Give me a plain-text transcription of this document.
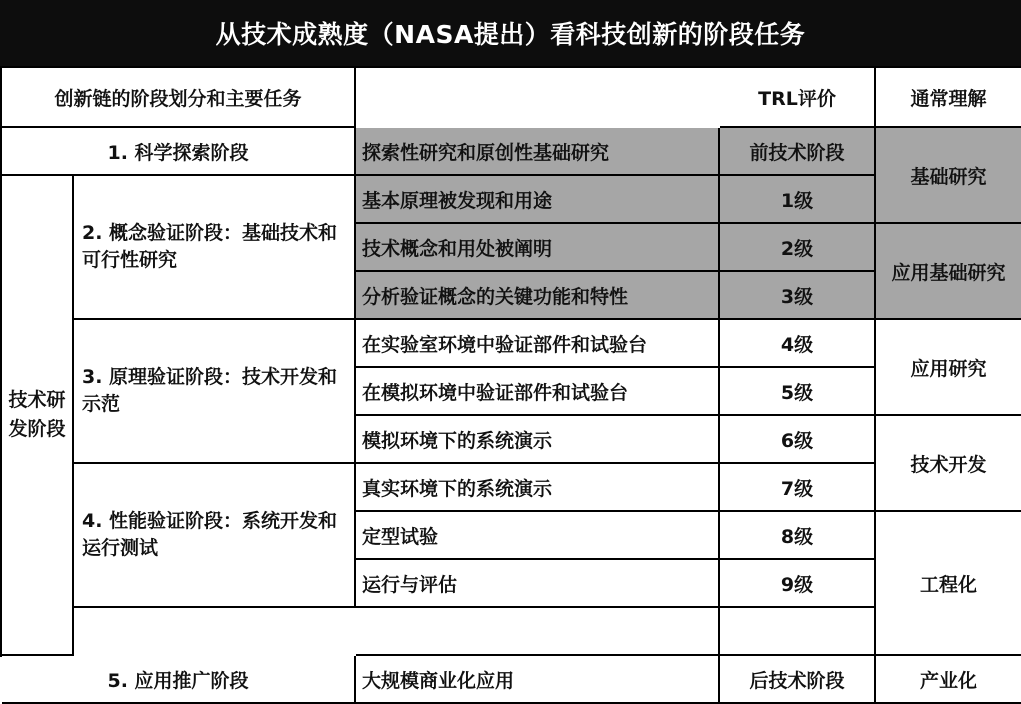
从技术成熟度（NASA提出）看科技创新的阶段任务
创新链的阶段划分和主要任务	TRL评价	通常理解
1. 科学探索阶段
技术研发阶段
2. 概念验证阶段：基础技术和可行性研究
3. 原理验证阶段：技术开发和示范
4. 性能验证阶段：系统开发和运行测试
5. 应用推广阶段
探索性研究和原创性基础研究
基本原理被发现和用途
技术概念和用处被阐明
分析验证概念的关键功能和特性
在实验室环境中验证部件和试验台
在模拟环境中验证部件和试验台
模拟环境下的系统演示
真实环境下的系统演示
定型试验
运行与评估
大规模商业化应用
前技术阶段
1级
2级
3级
4级
5级
6级
7级
8级
9级
后技术阶段
基础研究
应用基础研究
应用研究
技术开发
工程化
产业化
